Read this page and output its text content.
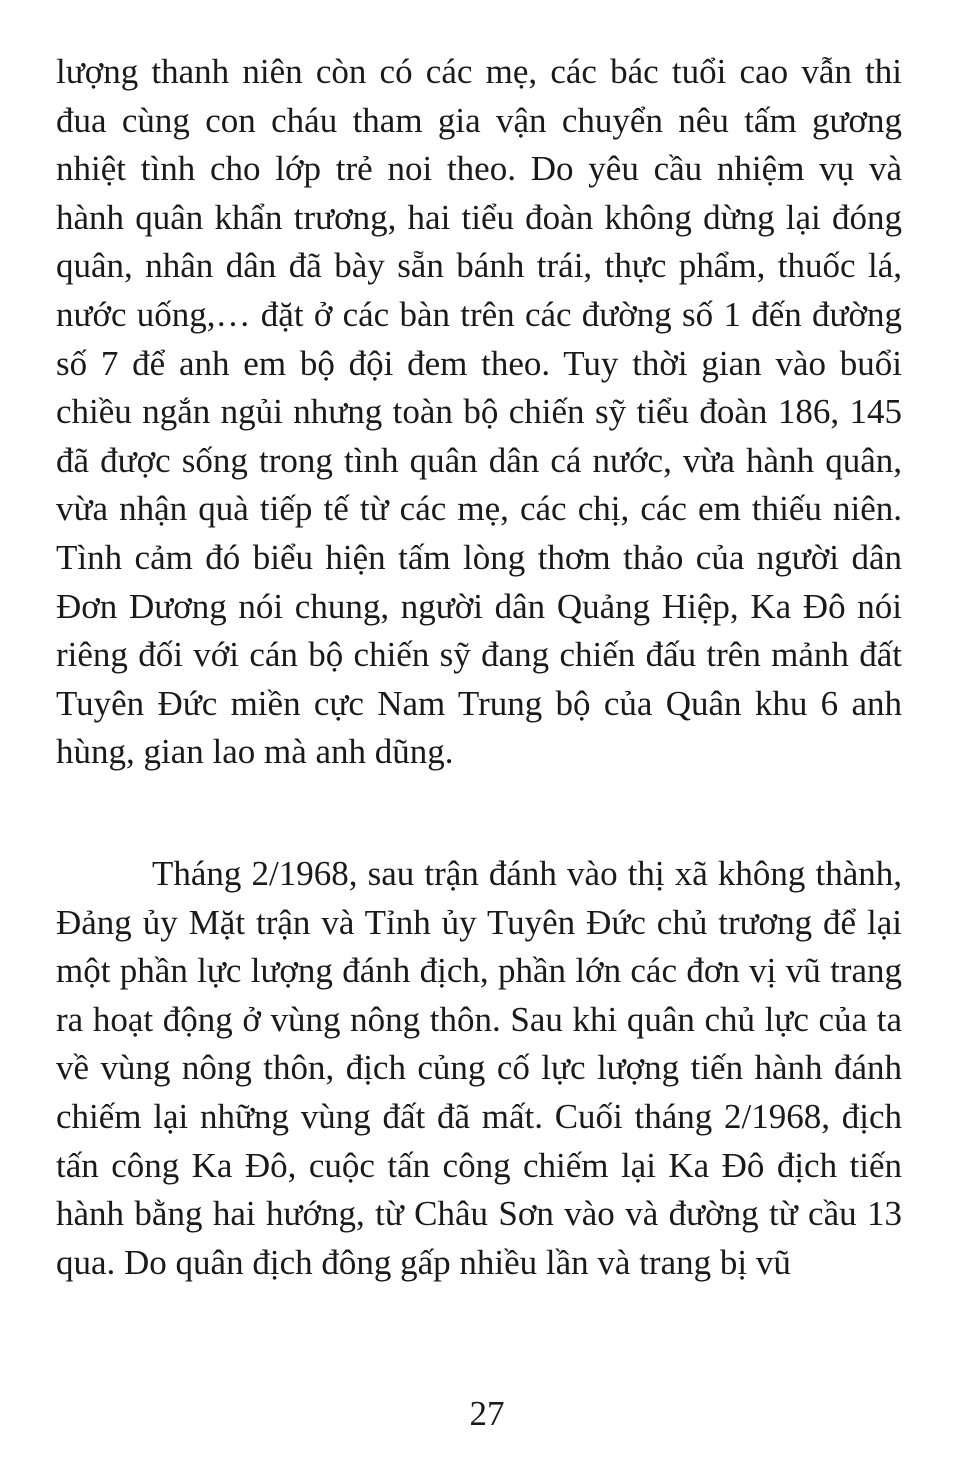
lượng thanh niên còn có các mẹ, các bác tuổi cao vẫn thi đua cùng con cháu tham gia vận chuyển nêu tấm gương nhiệt tình cho lớp trẻ noi theo. Do yêu cầu nhiệm vụ và hành quân khẩn trương, hai tiểu đoàn không dừng lại đóng quân, nhân dân đã bày sẵn bánh trái, thực phẩm, thuốc lá, nước uống,… đặt ở các bàn trên các đường số 1 đến đường số 7 để anh em bộ đội đem theo. Tuy thời gian vào buổi chiều ngắn ngủi nhưng toàn bộ chiến sỹ tiểu đoàn 186, 145 đã được sống trong tình quân dân cá nước, vừa hành quân, vừa nhận quà tiếp tế từ các mẹ, các chị, các em thiếu niên. Tình cảm đó biểu hiện tấm lòng thơm thảo của người dân Đơn Dương nói chung, người dân Quảng Hiệp, Ka Đô nói riêng đối với cán bộ chiến sỹ đang chiến đấu trên mảnh đất Tuyên Đức miền cực Nam Trung bộ của Quân khu 6 anh hùng, gian lao mà anh dũng.

Tháng 2/1968, sau trận đánh vào thị xã không thành, Đảng ủy Mặt trận và Tỉnh ủy Tuyên Đức chủ trương để lại một phần lực lượng đánh địch, phần lớn các đơn vị vũ trang ra hoạt động ở vùng nông thôn. Sau khi quân chủ lực của ta về vùng nông thôn, địch củng cố lực lượng tiến hành đánh chiếm lại những vùng đất đã mất. Cuối tháng 2/1968, địch tấn công Ka Đô, cuộc tấn công chiếm lại Ka Đô địch tiến hành bằng hai hướng, từ Châu Sơn vào và đường từ cầu 13 qua. Do quân địch đông gấp nhiều lần và trang bị vũ

27
